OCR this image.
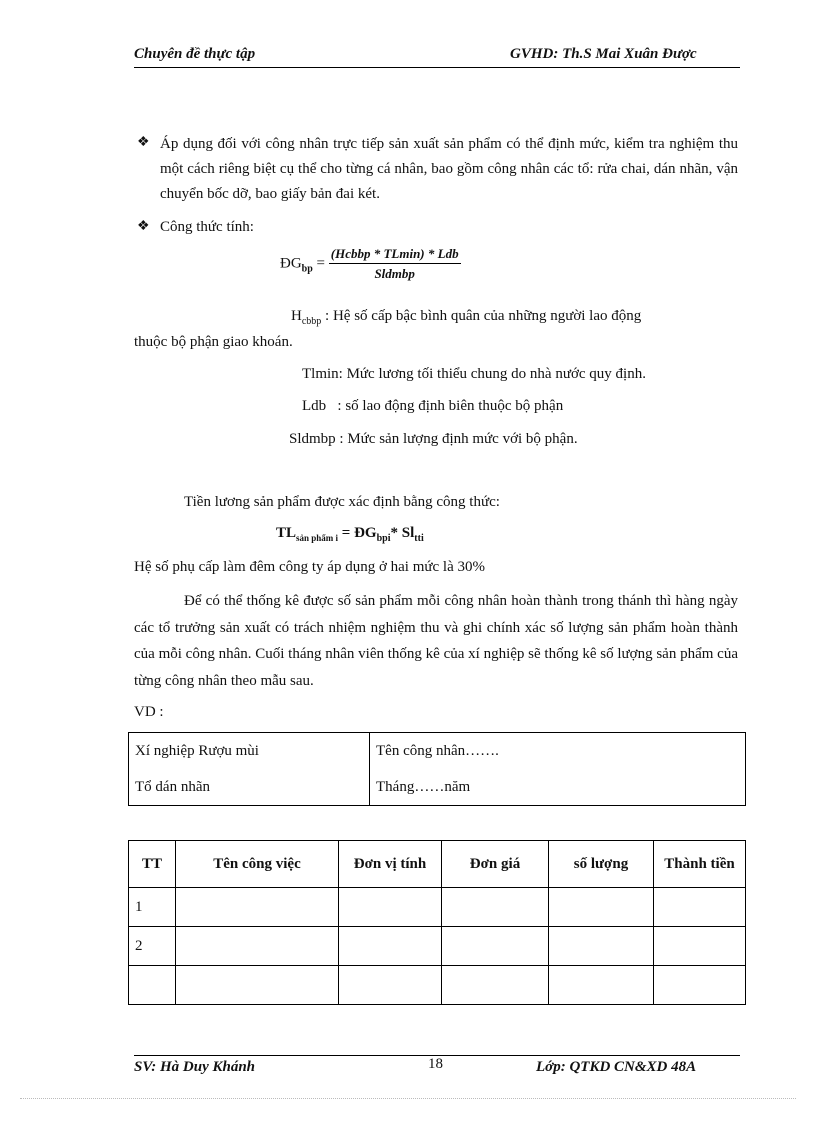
Chuyên đề thực tập	GVHD: Th.S Mai Xuân Được
❖ Áp dụng đối với công nhân trực tiếp sản xuất sản phẩm có thể định mức, kiểm tra nghiệm thu một cách riêng biệt cụ thể cho từng cá nhân, bao gồm công nhân các tổ: rửa chai, dán nhãn, vận chuyển bốc dỡ, bao giấy bản đai két.
❖ Công thức tính:
$ĐG_{bp} = \frac{\text{(Hcbbp * TLmin) * Ldb}}{\text{Sldmbp}}$
$H_{cbbp}$ : Hệ số cấp bậc bình quân của những người lao động
thuộc bộ phận giao khoán.
Tlmin: Mức lương tối thiểu chung do nhà nước quy định.
Ldb   : số lao động định biên thuộc bộ phận
Sldmbp : Mức sản lượng định mức với bộ phận.
Tiền lương sản phẩm được xác định bằng công thức:
$TL_{sản phẩm i}$ = $ĐG_{bpi}*$ $Sl_{tti}$
Hệ số phụ cấp làm đêm công ty áp dụng ở hai mức là 30%
Để có thể thống kê được số sản phẩm mỗi công nhân hoàn thành trong thánh thì hàng ngày các tổ trưởng sản xuất có trách nhiệm nghiệm thu và ghi chính xác số lượng sản phẩm hoàn thành của mỗi công nhân. Cuối tháng nhân viên thống kê của xí nghiệp sẽ thống kê số lượng sản phẩm của từng công nhân theo mẫu sau.
VD :
Xí nghiệp Rượu mùi	Tên công nhân…….
Tổ dán nhãn	Tháng……năm
TT	Tên công việc	Đơn vị tính	Đơn giá	số lượng	Thành tiền
1					
2					

SV: Hà Duy Khánh	18	Lớp: QTKD CN&XD 48A
